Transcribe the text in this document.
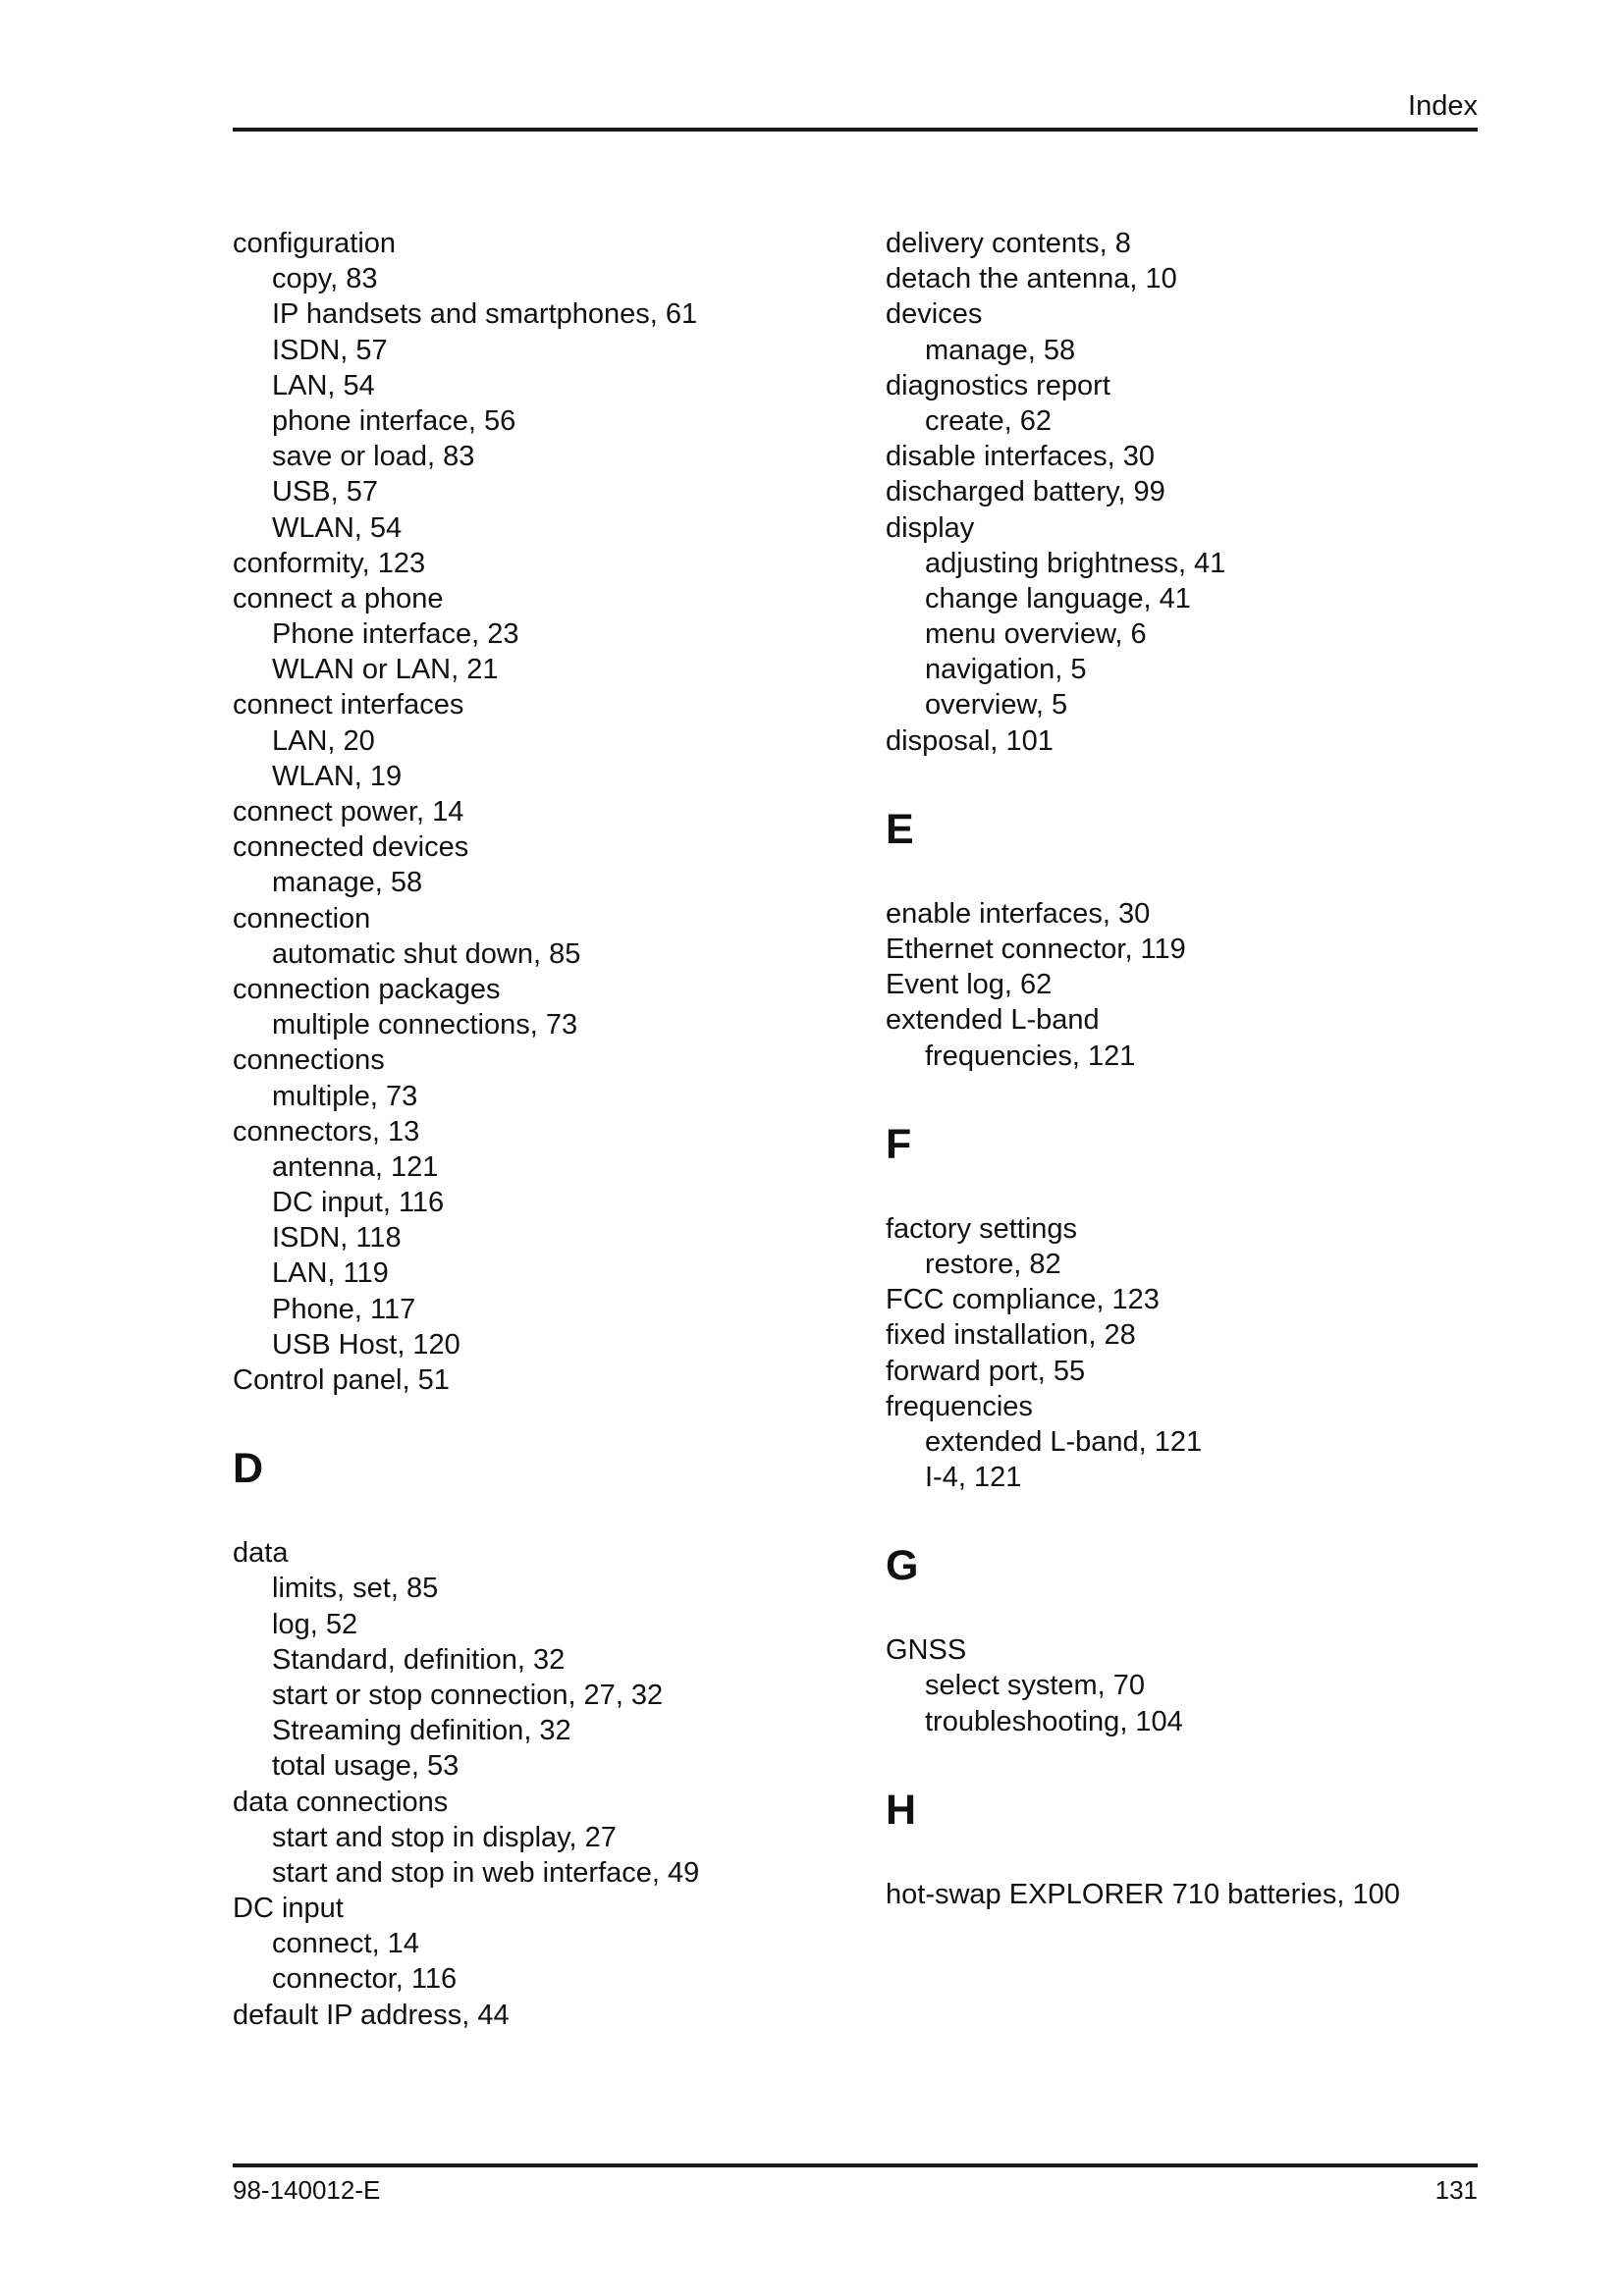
Index
configuration
copy, 83
IP handsets and smartphones, 61
ISDN, 57
LAN, 54
phone interface, 56
save or load, 83
USB, 57
WLAN, 54
conformity, 123
connect a phone
Phone interface, 23
WLAN or LAN, 21
connect interfaces
LAN, 20
WLAN, 19
connect power, 14
connected devices
manage, 58
connection
automatic shut down, 85
connection packages
multiple connections, 73
connections
multiple, 73
connectors, 13
antenna, 121
DC input, 116
ISDN, 118
LAN, 119
Phone, 117
USB Host, 120
Control panel, 51
D
data
limits, set, 85
log, 52
Standard, definition, 32
start or stop connection, 27, 32
Streaming definition, 32
total usage, 53
data connections
start and stop in display, 27
start and stop in web interface, 49
DC input
connect, 14
connector, 116
default IP address, 44
delivery contents, 8
detach the antenna, 10
devices
manage, 58
diagnostics report
create, 62
disable interfaces, 30
discharged battery, 99
display
adjusting brightness, 41
change language, 41
menu overview, 6
navigation, 5
overview, 5
disposal, 101
E
enable interfaces, 30
Ethernet connector, 119
Event log, 62
extended L-band
frequencies, 121
F
factory settings
restore, 82
FCC compliance, 123
fixed installation, 28
forward port, 55
frequencies
extended L-band, 121
I-4, 121
G
GNSS
select system, 70
troubleshooting, 104
H
hot-swap EXPLORER 710 batteries, 100
98-140012-E	131
